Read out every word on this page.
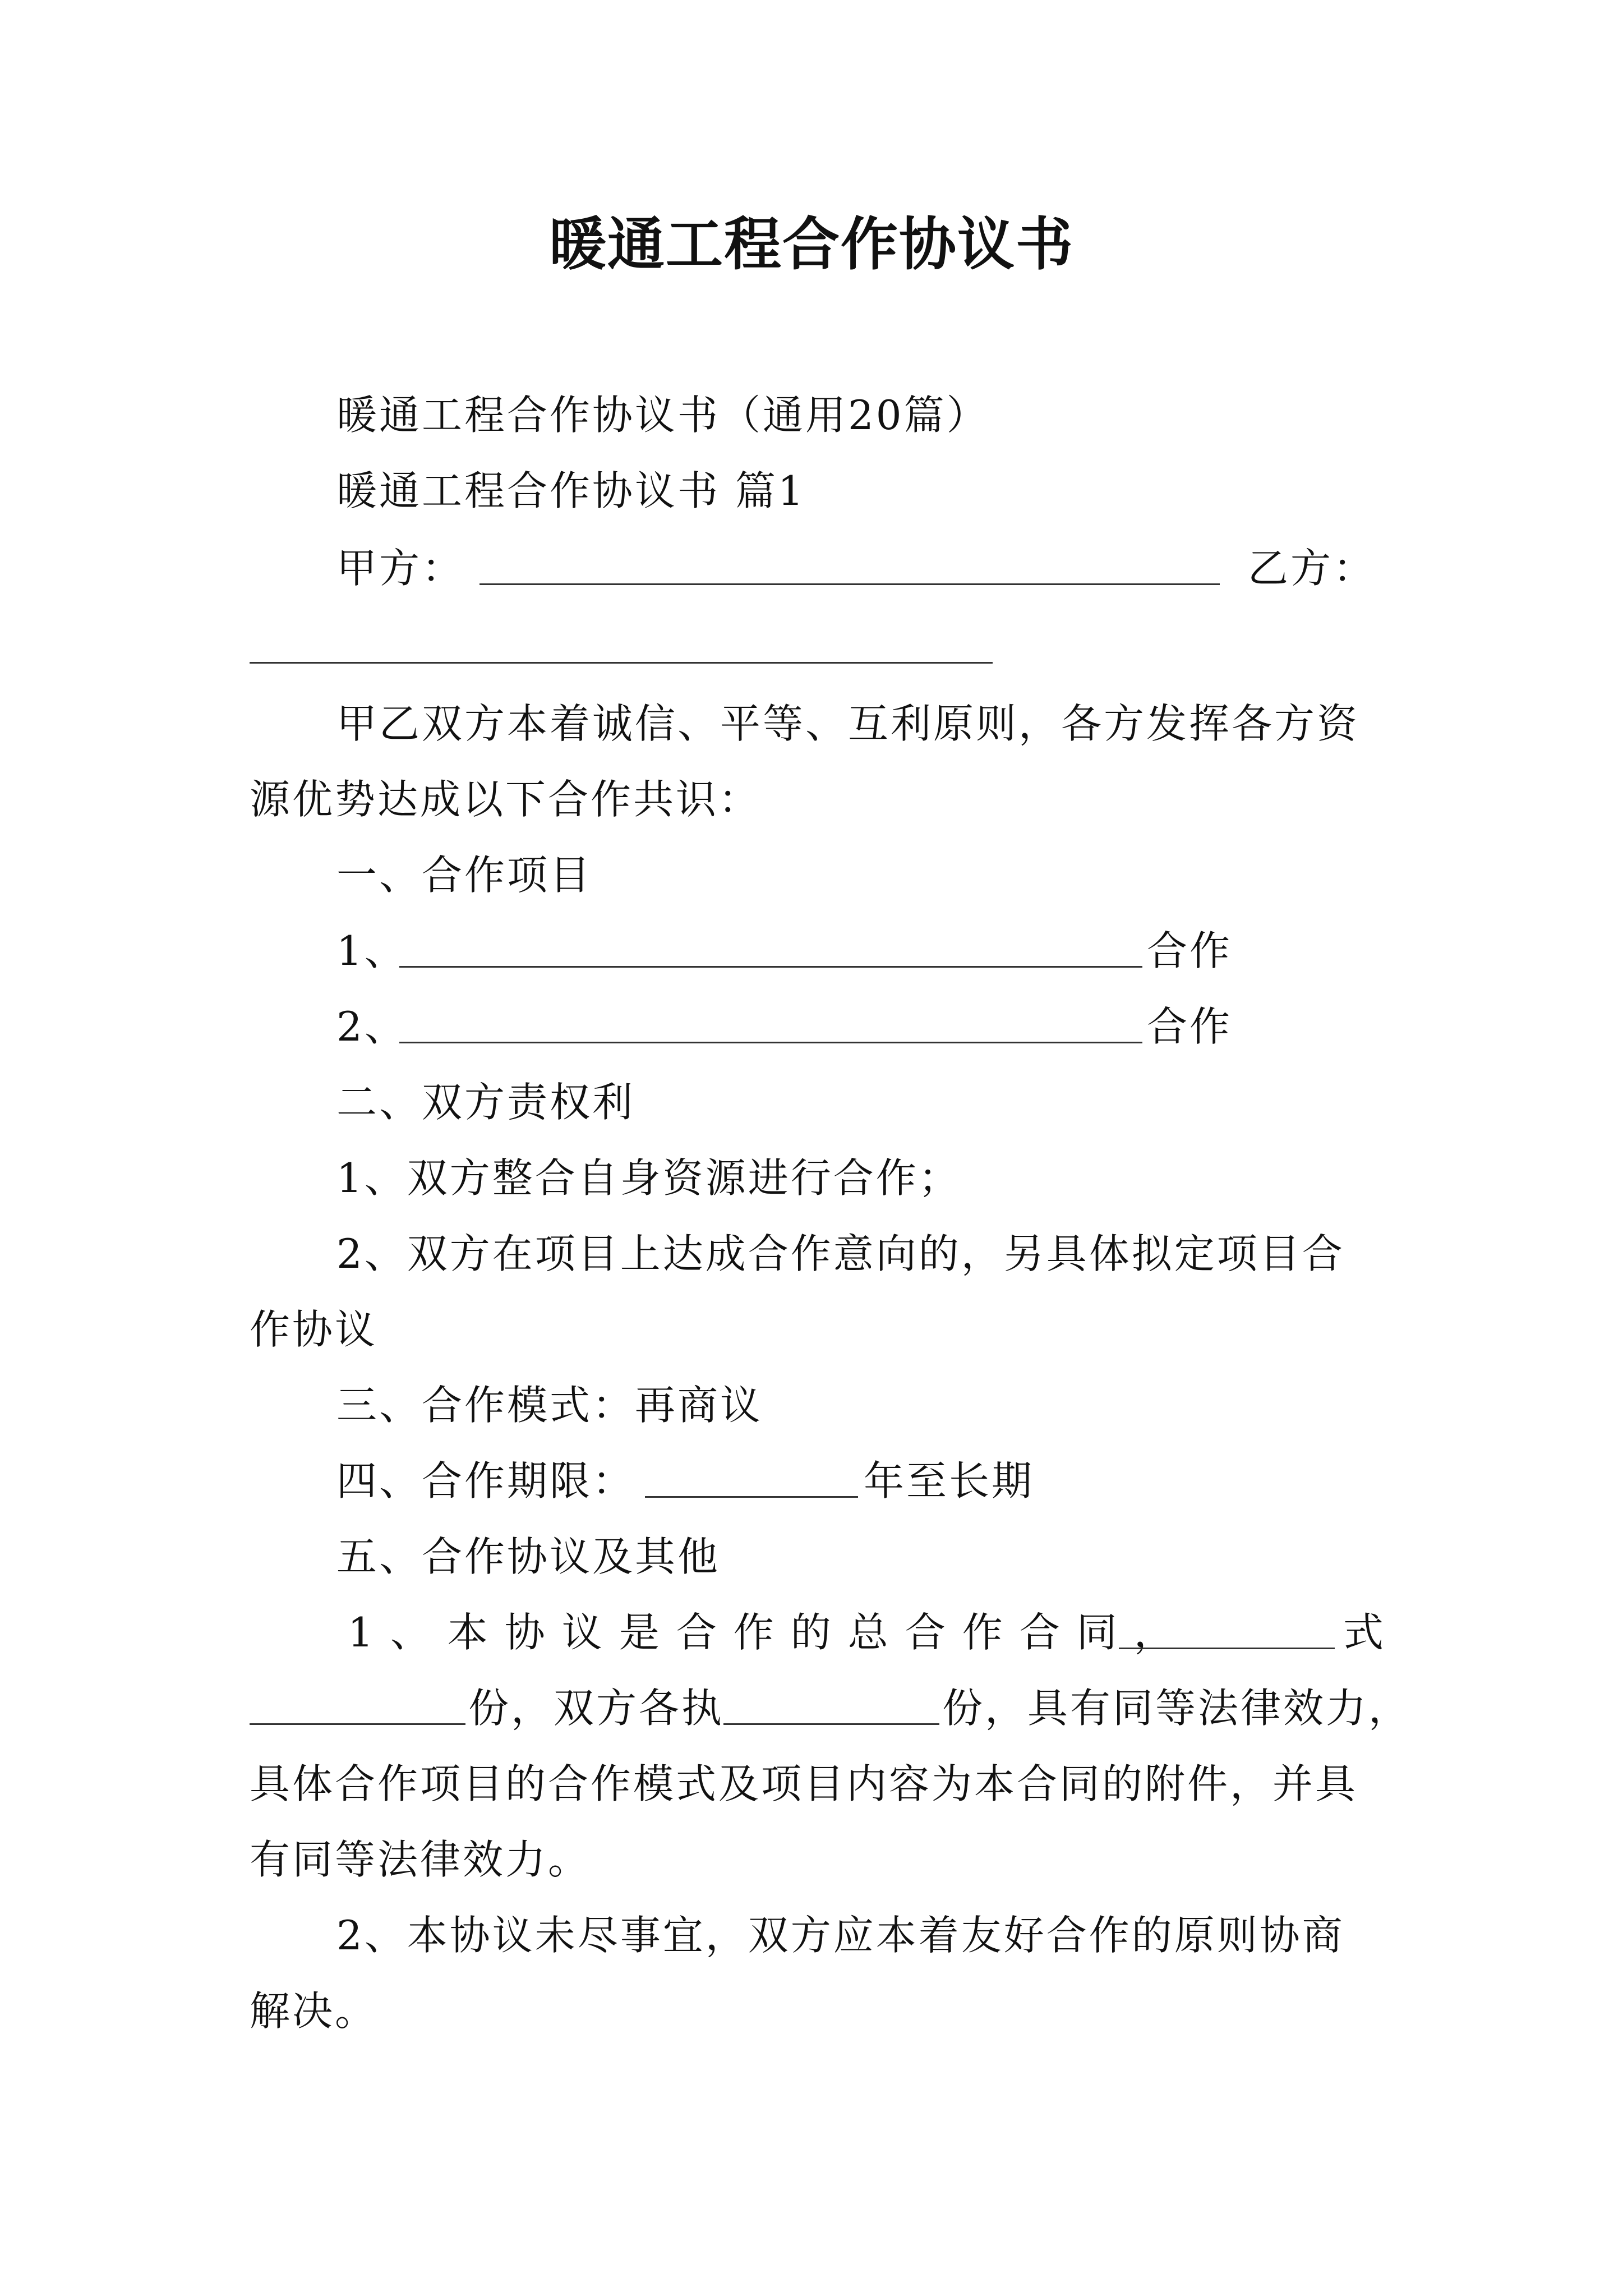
暖通工程合作协议书

暖通工程合作协议书（通用20篇）

暖通工程合作协议书 篇1

甲方：	乙方：

甲乙双方本着诚信、平等、互利原则，各方发挥各方资

源优势达成以下合作共识：

一、合作项目

1、	合作

2、	合作

二、双方责权利

1、双方整合自身资源进行合作；

2、双方在项目上达成合作意向的，另具体拟定项目合

作协议

三、合作模式：再商议

四、合作期限：	年至长期

五、合作协议及其他

1、本协议是合作的总合作合同，	式

份，双方各执	份，具有同等法律效力，

具体合作项目的合作模式及项目内容为本合同的附件，并具

有同等法律效力。

2、本协议未尽事宜，双方应本着友好合作的原则协商

解决。
